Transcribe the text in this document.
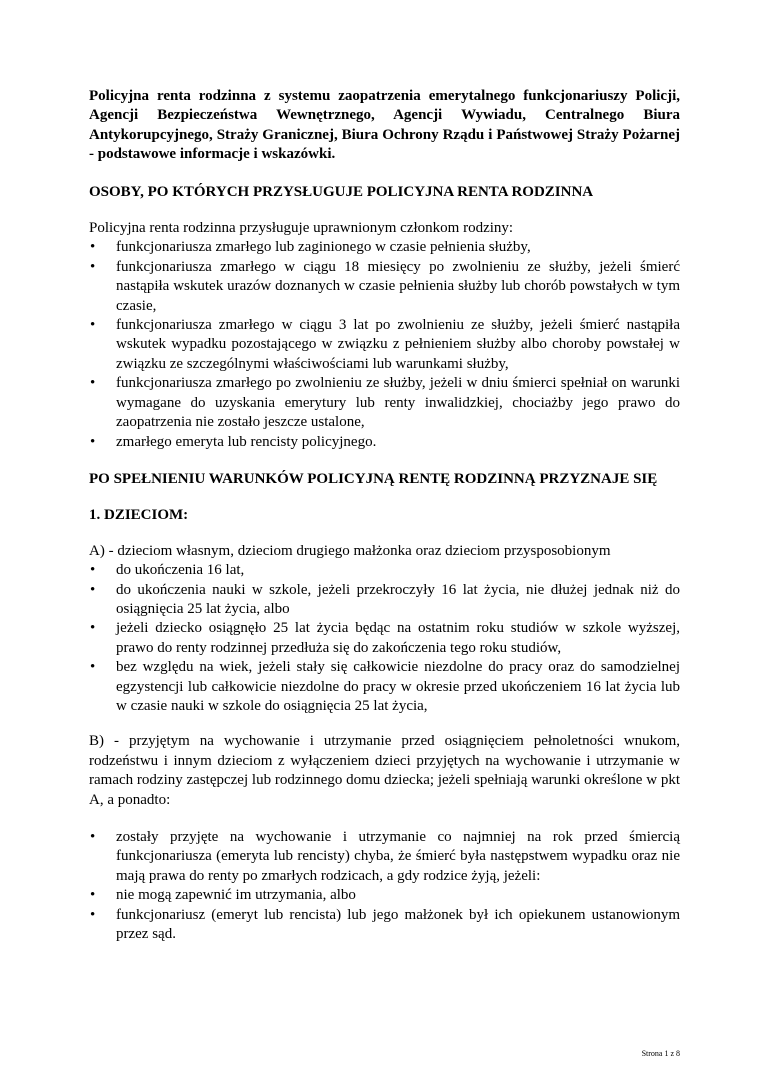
Policyjna renta rodzinna z systemu zaopatrzenia emerytalnego funkcjonariuszy Policji, Agencji Bezpieczeństwa Wewnętrznego, Agencji Wywiadu, Centralnego Biura Antykorupcyjnego, Straży Granicznej, Biura Ochrony Rządu i Państwowej Straży Pożarnej - podstawowe informacje i wskazówki.

OSOBY, PO KTÓRYCH PRZYSŁUGUJE POLICYJNA RENTA RODZINNA

Policyjna renta rodzinna przysługuje uprawnionym członkom rodziny:

• funkcjonariusza zmarłego lub zaginionego w czasie pełnienia służby,
• funkcjonariusza zmarłego w ciągu 18 miesięcy po zwolnieniu ze służby, jeżeli śmierć nastąpiła wskutek urazów doznanych w czasie pełnienia służby lub chorób powstałych w tym czasie,
• funkcjonariusza zmarłego w ciągu 3 lat po zwolnieniu ze służby, jeżeli śmierć nastąpiła wskutek wypadku pozostającego w związku z pełnieniem służby albo choroby powstałej w związku ze szczególnymi właściwościami lub warunkami służby,
• funkcjonariusza zmarłego po zwolnieniu ze służby, jeżeli w dniu śmierci spełniał on warunki wymagane do uzyskania emerytury lub renty inwalidzkiej, chociażby jego prawo do zaopatrzenia nie zostało jeszcze ustalone,
• zmarłego emeryta lub rencisty policyjnego.

PO SPEŁNIENIU WARUNKÓW POLICYJNĄ RENTĘ RODZINNĄ PRZYZNAJE SIĘ

1. DZIECIOM:

A) - dzieciom własnym, dzieciom drugiego małżonka oraz dzieciom przysposobionym

• do ukończenia 16 lat,
• do ukończenia nauki w szkole, jeżeli przekroczyły 16 lat życia, nie dłużej jednak niż do osiągnięcia 25 lat życia, albo
• jeżeli dziecko osiągnęło 25 lat życia będąc na ostatnim roku studiów w szkole wyższej, prawo do renty rodzinnej przedłuża się do zakończenia tego roku studiów,
• bez względu na wiek, jeżeli stały się całkowicie niezdolne do pracy oraz do samodzielnej egzystencji lub całkowicie niezdolne do pracy w okresie przed ukończeniem 16 lat życia lub w czasie nauki w szkole do osiągnięcia 25 lat życia,

B) - przyjętym na wychowanie i utrzymanie przed osiągnięciem pełnoletności wnukom, rodzeństwu i innym dzieciom z wyłączeniem dzieci przyjętych na wychowanie i utrzymanie w ramach rodziny zastępczej lub rodzinnego domu dziecka; jeżeli spełniają warunki określone w pkt A, a ponadto:

• zostały przyjęte na wychowanie i utrzymanie co najmniej na rok przed śmiercią funkcjonariusza (emeryta lub rencisty) chyba, że śmierć była następstwem wypadku oraz nie mają prawa do renty po zmarłych rodzicach, a gdy rodzice żyją, jeżeli:
• nie mogą zapewnić im utrzymania, albo
• funkcjonariusz (emeryt lub rencista) lub jego małżonek był ich opiekunem ustanowionym przez sąd.
Strona 1 z 8
